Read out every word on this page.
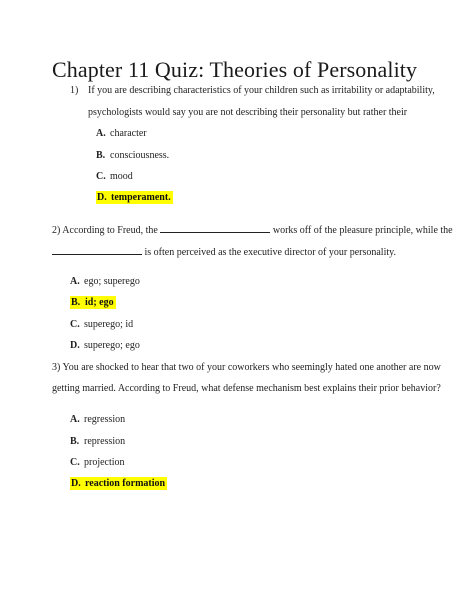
Chapter 11 Quiz: Theories of Personality
1) If you are describing characteristics of your children such as irritability or adaptability,
psychologists would say you are not describing their personality but rather their
A. character
B. consciousness.
C. mood
D. temperament.
2) According to Freud, the	works off of the pleasure principle, while the
is often perceived as the executive director of your personality.
A. ego; superego
B. id; ego
C. superego; id
D. superego; ego
3) You are shocked to hear that two of your coworkers who seemingly hated one another are now
getting married. According to Freud, what defense mechanism best explains their prior behavior?
A. regression
B. repression
C. projection
D. reaction formation
